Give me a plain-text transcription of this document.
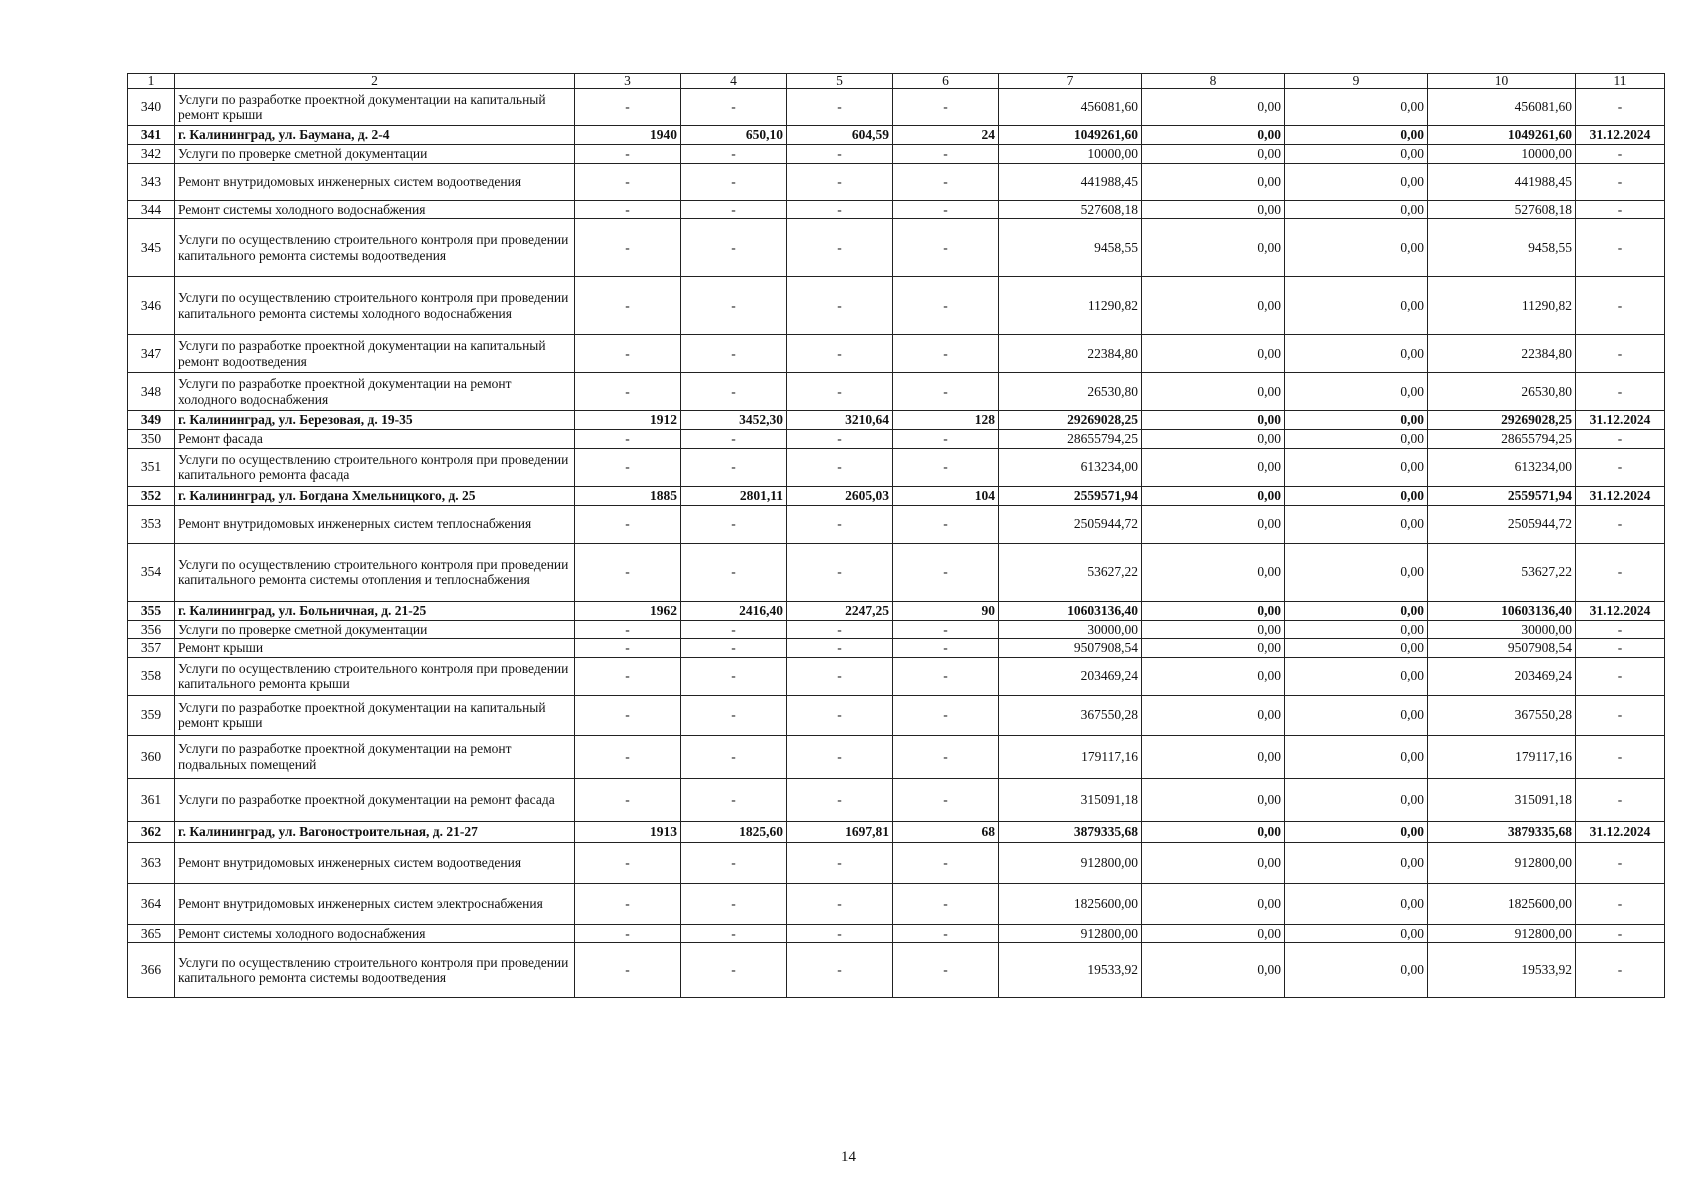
1	2	3	4	5	6	7	8	9	10	11
340	Услуги по разработке проектной документации на капитальный ремонт крыши	-	-	-	-	456081,60	0,00	0,00	456081,60	-
341	г. Калининград, ул. Баумана, д. 2-4	1940	650,10	604,59	24	1049261,60	0,00	0,00	1049261,60	31.12.2024
342	Услуги по проверке сметной документации	-	-	-	-	10000,00	0,00	0,00	10000,00	-
343	Ремонт внутридомовых инженерных систем водоотведения	-	-	-	-	441988,45	0,00	0,00	441988,45	-
344	Ремонт системы холодного водоснабжения	-	-	-	-	527608,18	0,00	0,00	527608,18	-
345	Услуги по осуществлению строительного контроля при проведении капитального ремонта системы водоотведения	-	-	-	-	9458,55	0,00	0,00	9458,55	-
346	Услуги по осуществлению строительного контроля при проведении капитального ремонта системы холодного водоснабжения	-	-	-	-	11290,82	0,00	0,00	11290,82	-
347	Услуги по разработке проектной документации на капитальный ремонт водоотведения	-	-	-	-	22384,80	0,00	0,00	22384,80	-
348	Услуги по разработке проектной документации на ремонт холодного водоснабжения	-	-	-	-	26530,80	0,00	0,00	26530,80	-
349	г. Калининград, ул. Березовая, д. 19-35	1912	3452,30	3210,64	128	29269028,25	0,00	0,00	29269028,25	31.12.2024
350	Ремонт фасада	-	-	-	-	28655794,25	0,00	0,00	28655794,25	-
351	Услуги по осуществлению строительного контроля при проведении капитального ремонта фасада	-	-	-	-	613234,00	0,00	0,00	613234,00	-
352	г. Калининград, ул. Богдана Хмельницкого, д. 25	1885	2801,11	2605,03	104	2559571,94	0,00	0,00	2559571,94	31.12.2024
353	Ремонт внутридомовых инженерных систем теплоснабжения	-	-	-	-	2505944,72	0,00	0,00	2505944,72	-
354	Услуги по осуществлению строительного контроля при проведении капитального ремонта системы отопления и теплоснабжения	-	-	-	-	53627,22	0,00	0,00	53627,22	-
355	г. Калининград, ул. Больничная, д. 21-25	1962	2416,40	2247,25	90	10603136,40	0,00	0,00	10603136,40	31.12.2024
356	Услуги по проверке сметной документации	-	-	-	-	30000,00	0,00	0,00	30000,00	-
357	Ремонт крыши	-	-	-	-	9507908,54	0,00	0,00	9507908,54	-
358	Услуги по осуществлению строительного контроля при проведении капитального ремонта крыши	-	-	-	-	203469,24	0,00	0,00	203469,24	-
359	Услуги по разработке проектной документации на капитальный ремонт крыши	-	-	-	-	367550,28	0,00	0,00	367550,28	-
360	Услуги по разработке проектной документации на ремонт подвальных помещений	-	-	-	-	179117,16	0,00	0,00	179117,16	-
361	Услуги по разработке проектной документации на ремонт фасада	-	-	-	-	315091,18	0,00	0,00	315091,18	-
362	г. Калининград, ул. Вагоностроительная, д. 21-27	1913	1825,60	1697,81	68	3879335,68	0,00	0,00	3879335,68	31.12.2024
363	Ремонт внутридомовых инженерных систем водоотведения	-	-	-	-	912800,00	0,00	0,00	912800,00	-
364	Ремонт внутридомовых инженерных систем электроснабжения	-	-	-	-	1825600,00	0,00	0,00	1825600,00	-
365	Ремонт системы холодного водоснабжения	-	-	-	-	912800,00	0,00	0,00	912800,00	-
366	Услуги по осуществлению строительного контроля при проведении капитального ремонта системы водоотведения	-	-	-	-	19533,92	0,00	0,00	19533,92	-
14
